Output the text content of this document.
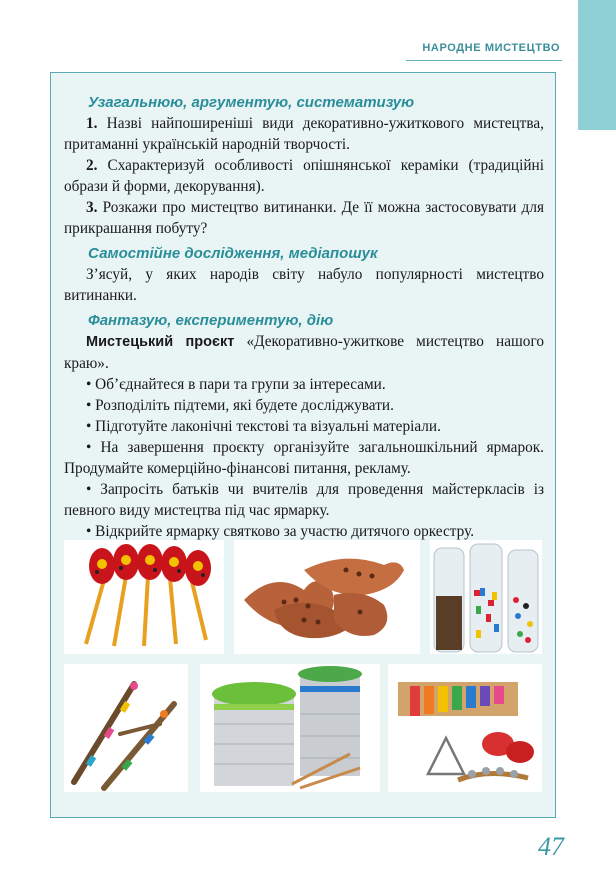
НАРОДНЕ МИСТЕЦТВО
Узагальнюю, аргументую, систематизую
1. Назві найпоширеніші види декоративно-ужиткового мистецтва, притаманні українській народній творчості.
2. Схарактеризуй особливості опішнянської кераміки (традиційні образи й форми, декорування).
3. Розкажи про мистецтво витинанки. Де її можна застосовувати для прикрашання побуту?
Самостійне дослідження, медіапошук
З’ясуй, у яких народів світу набуло популярності мистецтво витинанки.
Фантазую, експериментую, дію
Мистецький проєкт «Декоративно-ужиткове мистецтво нашого краю».
• Об’єднайтеся в пари та групи за інтересами.
• Розподіліть підтеми, які будете досліджувати.
• Підготуйте лаконічні текстові та візуальні матеріали.
• На завершення проєкту організуйте загальношкільний ярмарок. Продумайте комерційно-фінансові питання, рекламу.
• Запросіть батьків чи вчителів для проведення майстеркласів із певного виду мистецтва під час ярмарку.
• Відкрийте ярмарку святково за участю дитячого оркестру.
47
